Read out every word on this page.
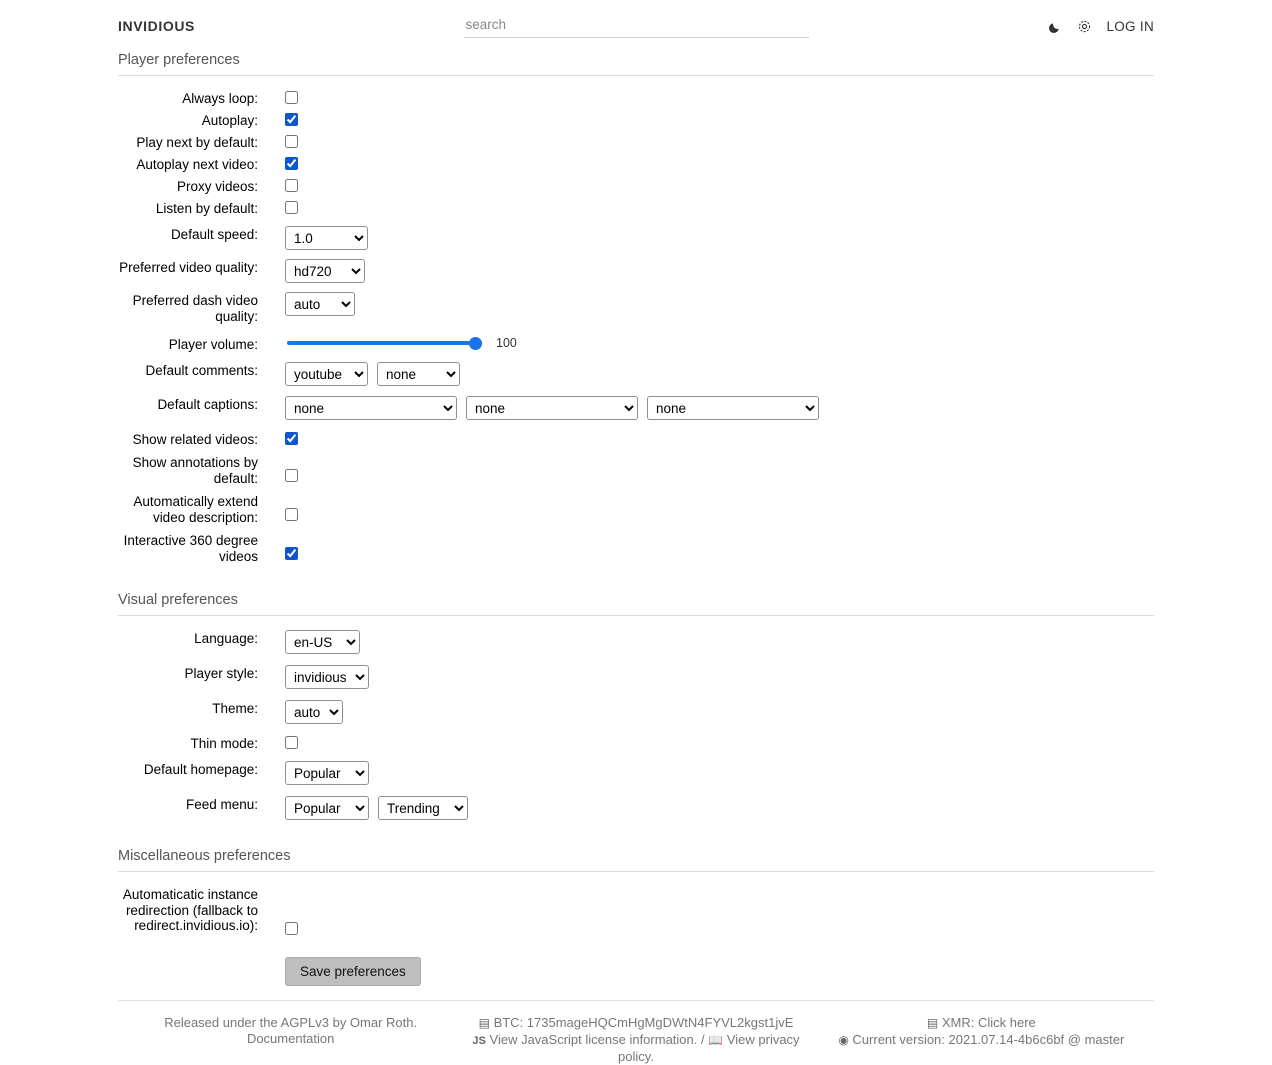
INVIDIOUS
search	LOG IN
Player preferences
Always loop:
Autoplay:
Play next by default:
Autoplay next video:
Proxy videos:
Listen by default:
Default speed:
1.0
Preferred video quality:
hd720
Preferred dash video quality:
auto
Player volume:	100
Default comments:
youtube
none
Default captions:
none
none
none
Show related videos:
Show annotations by default:
Automatically extend video description:
Interactive 360 degree videos
Visual preferences
Language:
en-US
Player style:
invidious
Theme:
auto
Thin mode:
Default homepage:
Popular
Feed menu:
Popular
Trending
Miscellaneous preferences
Automaticatic instance redirection (fallback to redirect.invidious.io):
Save preferences
Released under the AGPLv3 by Omar Roth.
Documentation
▤ BTC: 1735mageHQCmHgMgDWtN4FYVL2kgst1jvE
JS View JavaScript license information. / 📖 View privacy policy.
▤ XMR: Click here
◉ Current version: 2021.07.14-4b6c6bf @ master
